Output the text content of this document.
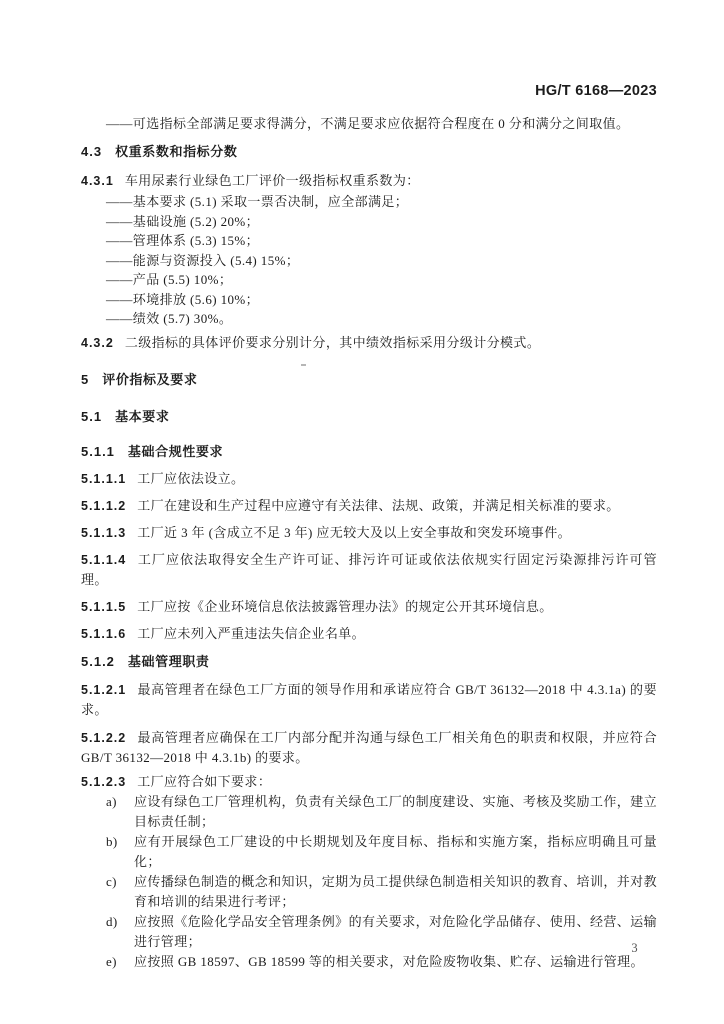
HG/T 6168—2023

——可选指标全部满足要求得满分，不满足要求应依据符合程度在 0 分和满分之间取值。

4.3 权重系数和指标分数

4.3.1 车用尿素行业绿色工厂评价一级指标权重系数为：

——基本要求 (5.1) 采取一票否决制，应全部满足；

——基础设施 (5.2) 20%；

——管理体系 (5.3) 15%；

——能源与资源投入 (5.4) 15%；

——产品 (5.5) 10%；

——环境排放 (5.6) 10%；

——绩效 (5.7) 30%。

4.3.2 二级指标的具体评价要求分别计分，其中绩效指标采用分级计分模式。

5 评价指标及要求
5.1 基本要求
5.1.1 基础合规性要求

5.1.1.1 工厂应依法设立。

5.1.1.2 工厂在建设和生产过程中应遵守有关法律、法规、政策，并满足相关标准的要求。

5.1.1.3 工厂近 3 年 (含成立不足 3 年) 应无较大及以上安全事故和突发环境事件。

5.1.1.4 工厂应依法取得安全生产许可证、排污许可证或依法依规实行固定污染源排污许可管理。

5.1.1.5 工厂应按《企业环境信息依法披露管理办法》的规定公开其环境信息。

5.1.1.6 工厂应未列入严重违法失信企业名单。

5.1.2 基础管理职责

5.1.2.1 最高管理者在绿色工厂方面的领导作用和承诺应符合 GB/T 36132—2018 中 4.3.1a) 的要求。

5.1.2.2 最高管理者应确保在工厂内部分配并沟通与绿色工厂相关角色的职责和权限，并应符合 GB/T 36132—2018 中 4.3.1b) 的要求。

5.1.2.3 工厂应符合如下要求：

a)	应设有绿色工厂管理机构，负责有关绿色工厂的制度建设、实施、考核及奖励工作，建立目标责任制；
b)	应有开展绿色工厂建设的中长期规划及年度目标、指标和实施方案，指标应明确且可量化；
c)	应传播绿色制造的概念和知识，定期为员工提供绿色制造相关知识的教育、培训，并对教育和培训的结果进行考评；
d)	应按照《危险化学品安全管理条例》的有关要求，对危险化学品储存、使用、经营、运输进行管理；
e)	应按照 GB 18597、GB 18599 等的相关要求，对危险废物收集、贮存、运输进行管理。
3
